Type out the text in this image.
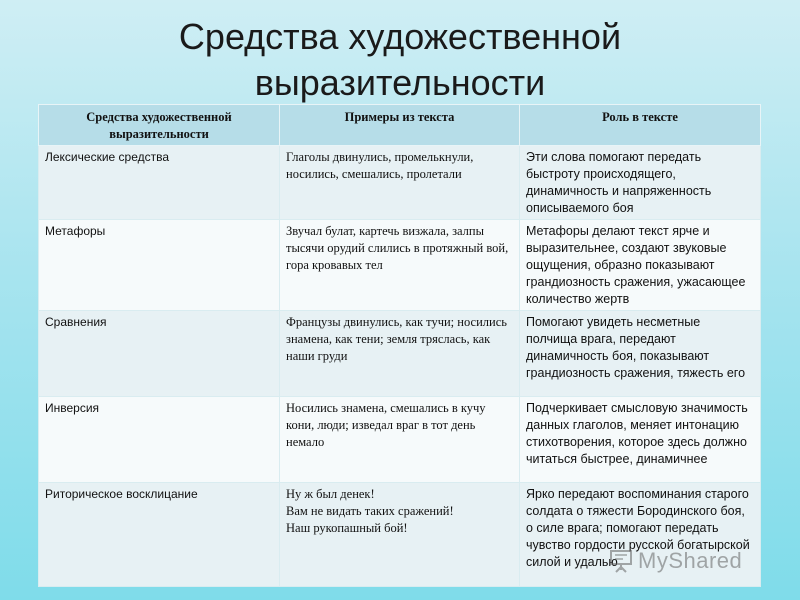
Средства художественной
выразительности
Средства художественной выразительности	Примеры из текста	Роль в тексте
Лексические средства	Глаголы двинулись, промелькнули, носились, смешались, пролетали	Эти слова помогают передать быстроту происходящего, динамичность и напряженность описываемого боя
Метафоры	Звучал булат, картечь визжала, залпы тысячи орудий слились в протяжный вой, гора кровавых тел	Метафоры делают текст ярче и выразительнее, создают звуковые ощущения, образно показывают грандиозность сражения, ужасающее количество жертв
Сравнения	Французы двинулись, как тучи; носились знамена, как тени; земля тряслась, как наши груди	Помогают увидеть несметные полчища врага, передают динамичность боя, показывают грандиозность сражения, тяжесть его
Инверсия	Носились знамена, смешались в кучу кони, люди; изведал враг в тот день немало	Подчеркивает смысловую значимость данных глаголов, меняет интонацию стихотворения, которое здесь должно читаться быстрее, динамичнее
Риторическое восклицание	Ну ж был денек!
Вам не видать таких сражений!
Наш рукопашный бой!	Ярко передают воспоминания старого солдата о тяжести Бородинского боя, о силе врага; помогают передать чувство гордости русской богатырской силой и удалью MyShared
